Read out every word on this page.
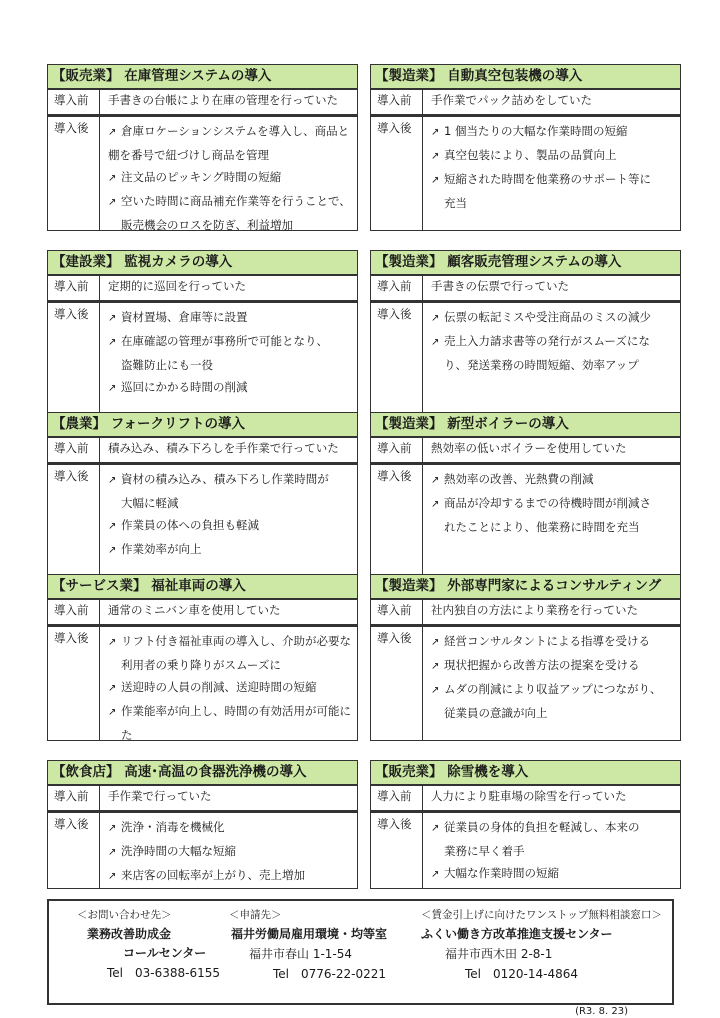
【販売業】 在庫管理システムの導入
導入前	手書きの台帳により在庫の管理を行っていた
導入後	↗ 倉庫ロケーションシステムを導入し、商品と
棚を番号で紐づけし商品を管理
↗ 注文品のピッキング時間の短縮
↗ 空いた時間に商品補充作業等を行うことで、
販売機会のロスを防ぎ、利益増加
【製造業】 自動真空包装機の導入
導入前	手作業でパック詰めをしていた
導入後	↗ 1 個当たりの大幅な作業時間の短縮
↗ 真空包装により、製品の品質向上
↗ 短縮された時間を他業務のサポート等に
充当
【建設業】 監視カメラの導入
導入前	定期的に巡回を行っていた
導入後	↗ 資材置場、倉庫等に設置
↗ 在庫確認の管理が事務所で可能となり、
盗難防止にも一役
↗ 巡回にかかる時間の削減
【製造業】 顧客販売管理システムの導入
導入前	手書きの伝票で行っていた
導入後	↗ 伝票の転記ミスや受注商品のミスの減少
↗ 売上入力請求書等の発行がスムーズにな
り、発送業務の時間短縮、効率アップ
【農業】 フォークリフトの導入
導入前	積み込み、積み下ろしを手作業で行っていた
導入後	↗ 資材の積み込み、積み下ろし作業時間が
大幅に軽減
↗ 作業員の体への負担も軽減
↗ 作業効率が向上
【製造業】 新型ボイラーの導入
導入前	熱効率の低いボイラーを使用していた
導入後	↗ 熱効率の改善、光熱費の削減
↗ 商品が冷却するまでの待機時間が削減さ
れたことにより、他業務に時間を充当
【サービス業】 福祉車両の導入
導入前	通常のミニバン車を使用していた
導入後	↗ リフト付き福祉車両の導入し、介助が必要な
利用者の乗り降りがスムーズに
↗ 送迎時の人員の削減、送迎時間の短縮
↗ 作業能率が向上し、時間の有効活用が可能に
た
【製造業】 外部専門家によるコンサルティング
導入前	社内独自の方法により業務を行っていた
導入後	↗ 経営コンサルタントによる指導を受ける
↗ 現状把握から改善方法の提案を受ける
↗ ムダの削減により収益アップにつながり、
従業員の意識が向上
【飲食店】 高速･高温の食器洗浄機の導入
導入前	手作業で行っていた
導入後	↗ 洗浄・消毒を機械化
↗ 洗浄時間の大幅な短縮
↗ 来店客の回転率が上がり、売上増加
【販売業】 除雪機を導入
導入前	人力により駐車場の除雪を行っていた
導入後	↗ 従業員の身体的負担を軽減し、本来の
業務に早く着手
↗ 大幅な作業時間の短縮
＜お問い合わせ先＞
業務改善助成金
コールセンター
Tel　03-6388-6155
＜申請先＞
福井労働局雇用環境・均等室
福井市春山 1-1-54
Tel　0776-22-0221
＜賃金引上げに向けたワンストップ無料相談窓口＞
ふくい働き方改革推進支援センター
福井市西木田 2-8-1
Tel　0120-14-4864
(R3. 8. 23)
